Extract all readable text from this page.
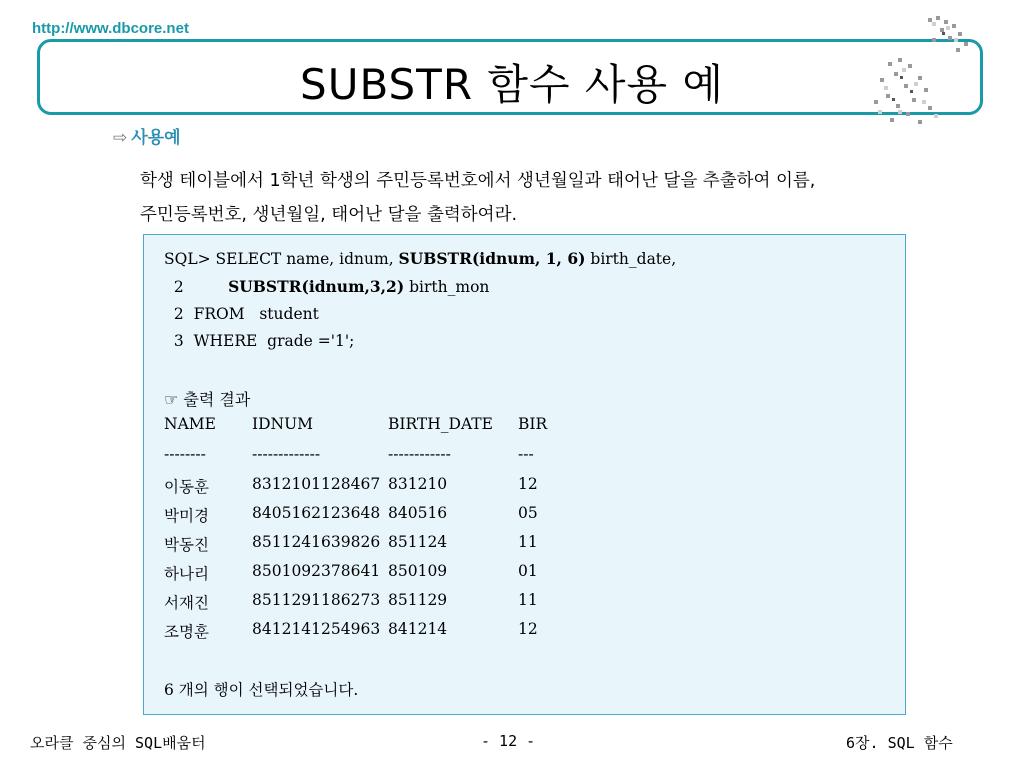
http://www.dbcore.net
SUBSTR 함수 사용 예
⇨ 사용예
학생 테이블에서 1학년 학생의 주민등록번호에서 생년월일과 태어난 달을 추출하여 이름,
주민등록번호, 생년월일, 태어난 달을 출력하여라.
SQL> SELECT name, idnum, SUBSTR(idnum, 1, 6) birth_date,
2         SUBSTR(idnum,3,2) birth_mon
2  FROM   student
3  WHERE  grade ='1';
☞ 출력 결과
NAME IDNUM	BIRTH_DATE BIR
--------	-------------	------------	---
이동훈	8312101128467 831210	12
박미경	8405162123648 840516	05
박동진	8511241639826 851124	11
하나리	8501092378641 850109	01
서재진	8511291186273 851129	11
조명훈	8412141254963 841214	12
6 개의 행이 선택되었습니다.
오라클 중심의 SQL배움터	- 12 -	6장. SQL 함수
